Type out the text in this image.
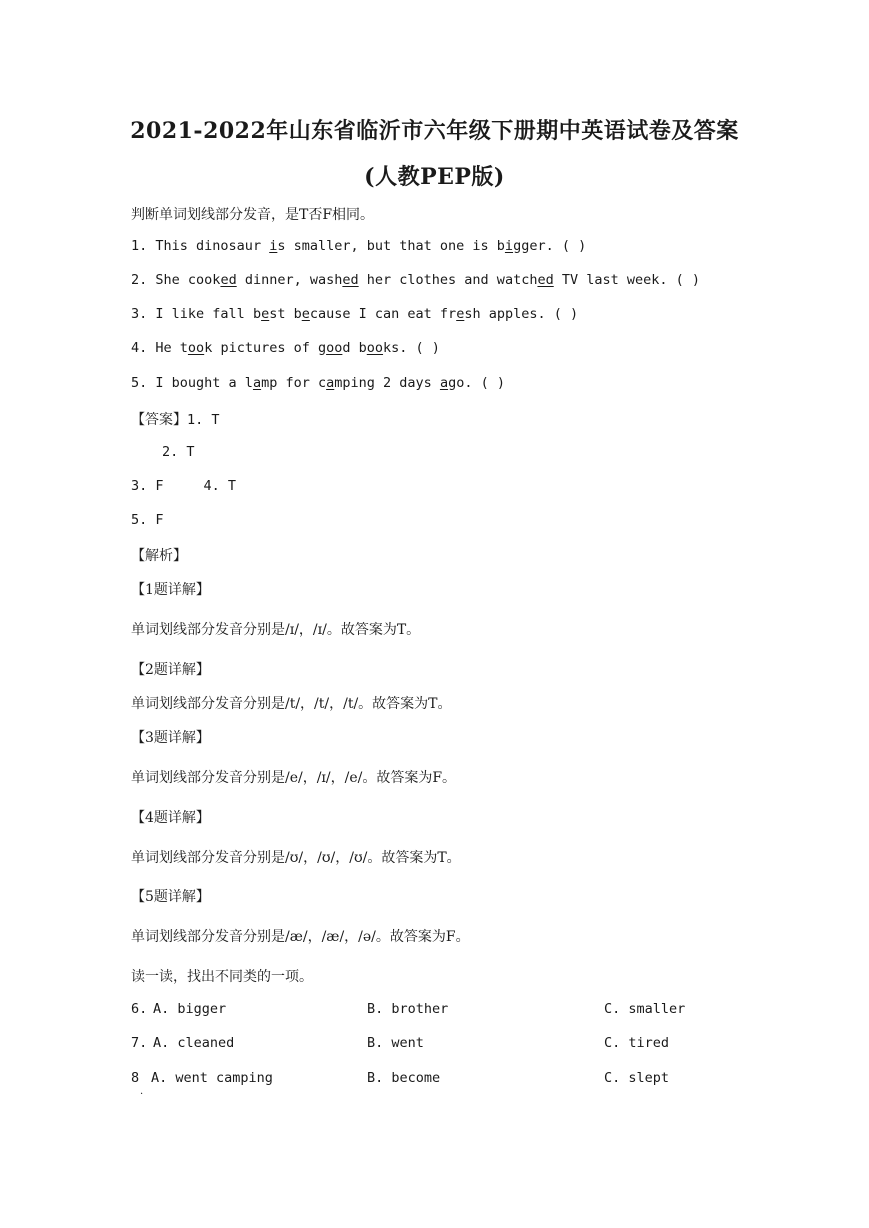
2021-2022年山东省临沂市六年级下册期中英语试卷及答案
(人教PEP版)
判断单词划线部分发音，是T否F相同。
1. This dinosaur is smaller, but that one is bigger. ( )
2. She cooked dinner, washed her clothes and watched TV last week. ( )
3. I like fall best because I can eat fresh apples. ( )
4. He took pictures of good books. ( )
5. I bought a lamp for camping 2 days ago. ( )
【答案】1. T
2. T
3. F	4. T
5. F
【解析】
【1题详解】
单词划线部分发音分别是/ɪ/，/ɪ/。故答案为T。
【2题详解】
单词划线部分发音分别是/t/，/t/，/t/。故答案为T。
【3题详解】
单词划线部分发音分别是/e/，/ɪ/，/e/。故答案为F。
【4题详解】
单词划线部分发音分别是/ʊ/，/ʊ/，/ʊ/。故答案为T。
【5题详解】
单词划线部分发音分别是/æ/，/æ/，/ə/。故答案为F。
读一读，找出不同类的一项。
6. A. bigger	B. brother	C. smaller
7. A. cleaned	B. went	C. tired
8 A. went camping	B. become	C. slept
.
